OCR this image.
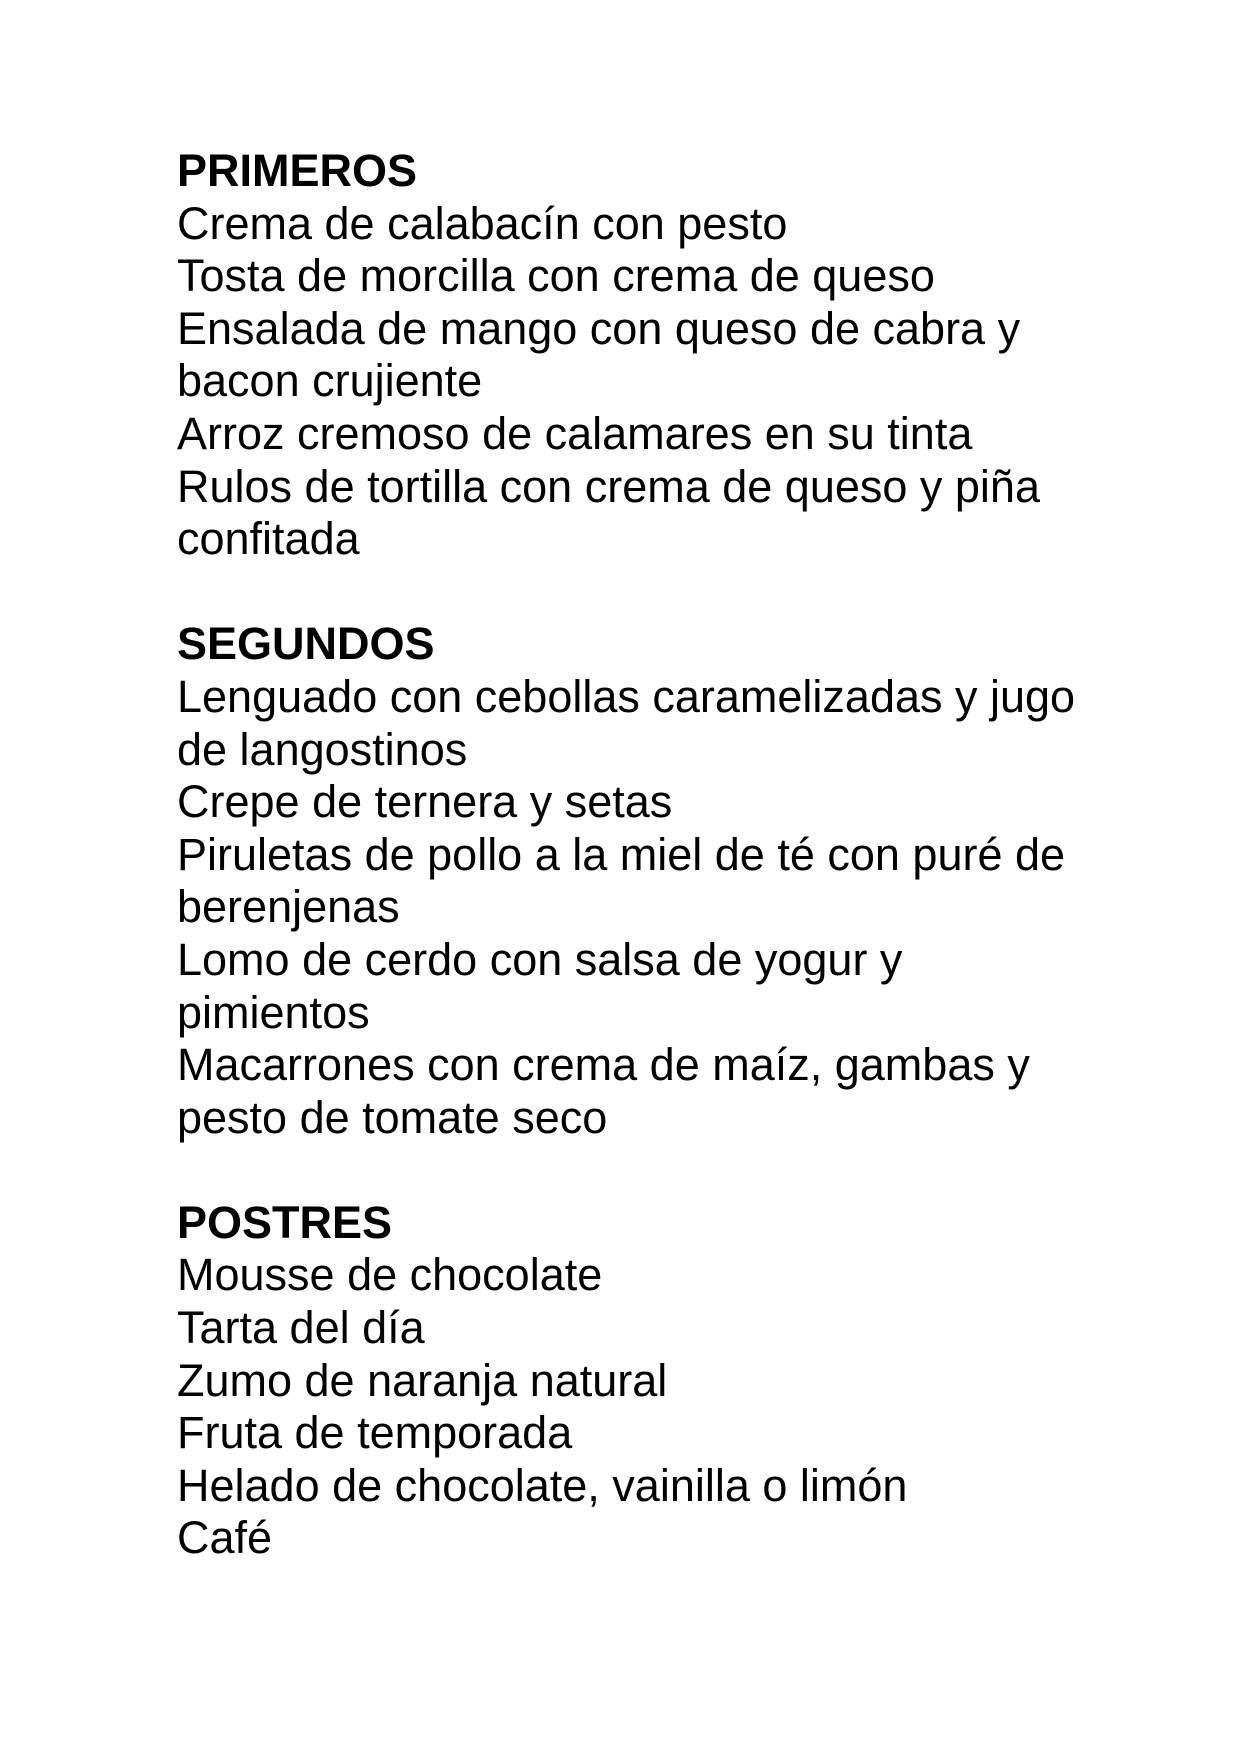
PRIMEROS
Crema de calabacín con pesto
Tosta de morcilla con crema de queso
Ensalada de mango con queso de cabra y bacon crujiente
Arroz cremoso de calamares en su tinta
Rulos de tortilla con crema de queso y piña confitada
SEGUNDOS
Lenguado con cebollas caramelizadas y jugo de langostinos
Crepe de ternera y setas
Piruletas de pollo a la miel de té con puré de berenjenas
Lomo de cerdo con salsa de yogur y pimientos
Macarrones con crema de maíz, gambas y pesto de tomate seco
POSTRES
Mousse de chocolate
Tarta del día
Zumo de naranja natural
Fruta de temporada
Helado de chocolate, vainilla o limón
Café
